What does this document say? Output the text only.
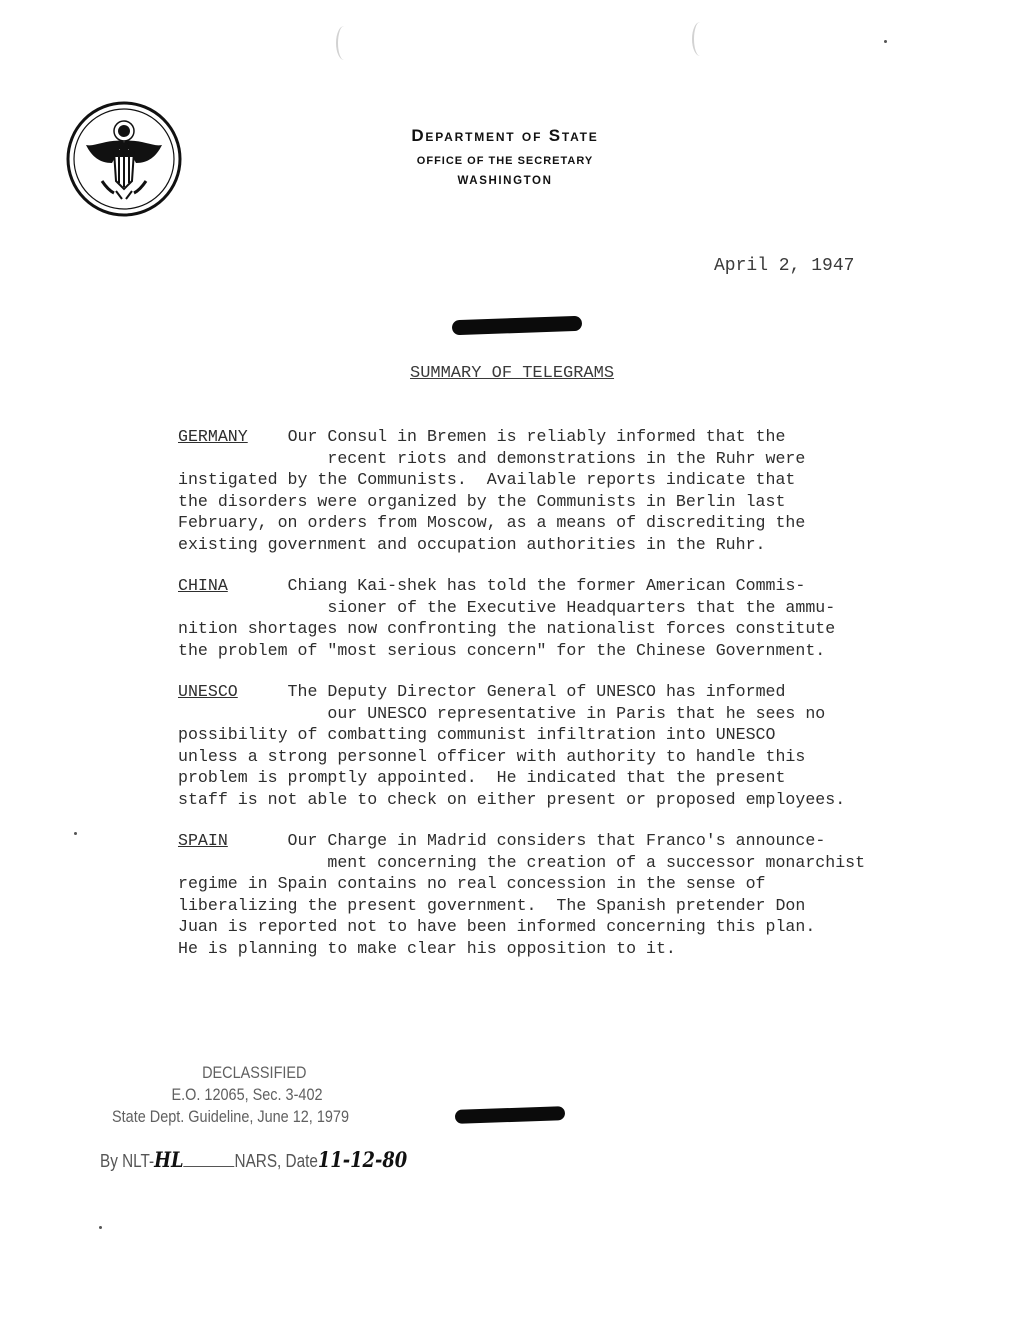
Department of State
OFFICE OF THE SECRETARY
WASHINGTON
April 2, 1947
SUMMARY OF TELEGRAMS

GERMANY Our Consul in Bremen is reliably informed that the
recent riots and demonstrations in the Ruhr were
instigated by the Communists.  Available reports indicate that
the disorders were organized by the Communists in Berlin last
February, on orders from Moscow, as a means of discrediting the
existing government and occupation authorities in the Ruhr.

CHINA	Chiang Kai-shek has told the former American Commis-
sioner of the Executive Headquarters that the ammu-
nition shortages now confronting the nationalist forces constitute
the problem of "most serious concern" for the Chinese Government.

UNESCO	The Deputy Director General of UNESCO has informed
our UNESCO representative in Paris that he sees no
possibility of combatting communist infiltration into UNESCO
unless a strong personnel officer with authority to handle this
problem is promptly appointed.  He indicated that the present
staff is not able to check on either present or proposed employees.

SPAIN	Our Charge in Madrid considers that Franco's announce-
ment concerning the creation of a successor monarchist
regime in Spain contains no real concession in the sense of
liberalizing the present government.  The Spanish pretender Don
Juan is reported not to have been informed concerning this plan.
He is planning to make clear his opposition to it.

DECLASSIFIED
E.O. 12065, Sec. 3-402
State Dept. Guideline, June 12, 1979
By NLT-HL	NARS, Date11-12-80
